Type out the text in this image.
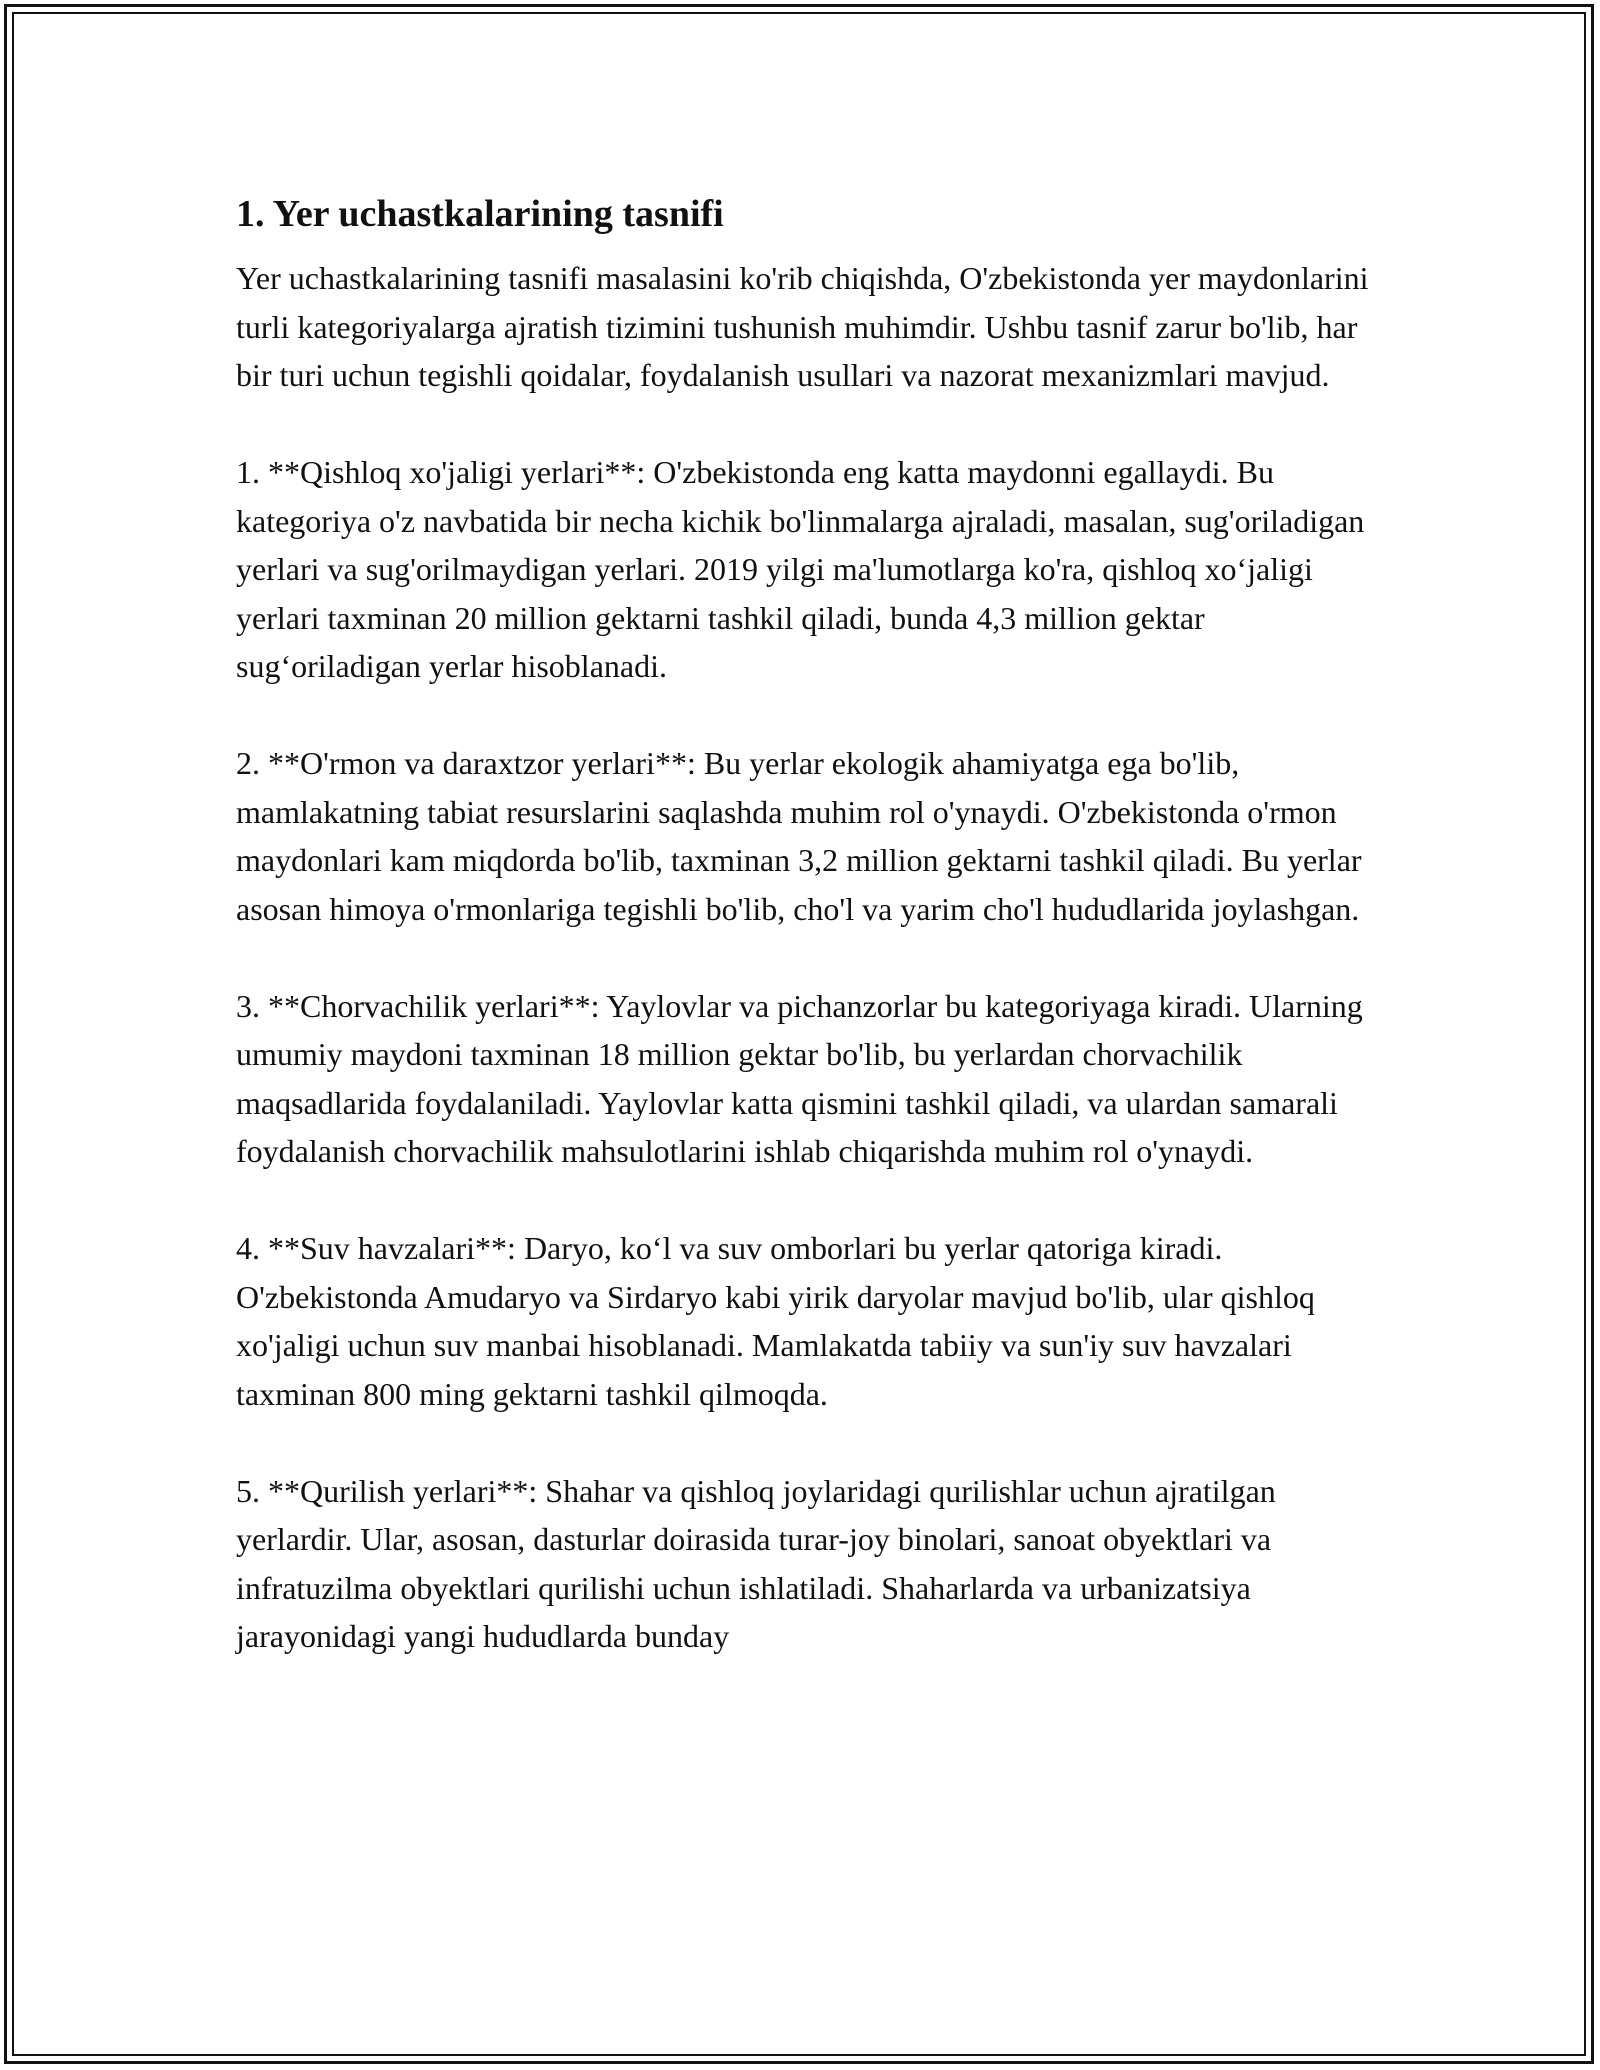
1. Yer uchastkalarining tasnifi

Yer uchastkalarining tasnifi masalasini ko'rib chiqishda, O'zbekistonda yer maydonlarini turli kategoriyalarga ajratish tizimini tushunish muhimdir. Ushbu tasnif zarur bo'lib, har bir turi uchun tegishli qoidalar, foydalanish usullari va nazorat mexanizmlari mavjud.

1. **Qishloq xo'jaligi yerlari**: O'zbekistonda eng katta maydonni egallaydi. Bu kategoriya o'z navbatida bir necha kichik bo'linmalarga ajraladi, masalan, sug'oriladigan yerlari va sug'orilmaydigan yerlari. 2019 yilgi ma'lumotlarga ko'ra, qishloq xo‘jaligi yerlari taxminan 20 million gektarni tashkil qiladi, bunda 4,3 million gektar sug‘oriladigan yerlar hisoblanadi.

2. **O'rmon va daraxtzor yerlari**: Bu yerlar ekologik ahamiyatga ega bo'lib, mamlakatning tabiat resurslarini saqlashda muhim rol o'ynaydi. O'zbekistonda o'rmon maydonlari kam miqdorda bo'lib, taxminan 3,2 million gektarni tashkil qiladi. Bu yerlar asosan himoya o'rmonlariga tegishli bo'lib, cho'l va yarim cho'l hududlarida joylashgan.

3. **Chorvachilik yerlari**: Yaylovlar va pichanzorlar bu kategoriyaga kiradi. Ularning umumiy maydoni taxminan 18 million gektar bo'lib, bu yerlardan chorvachilik maqsadlarida foydalaniladi. Yaylovlar katta qismini tashkil qiladi, va ulardan samarali foydalanish chorvachilik mahsulotlarini ishlab chiqarishda muhim rol o'ynaydi.

4. **Suv havzalari**: Daryo, ko‘l va suv omborlari bu yerlar qatoriga kiradi. O'zbekistonda Amudaryo va Sirdaryo kabi yirik daryolar mavjud bo'lib, ular qishloq xo'jaligi uchun suv manbai hisoblanadi. Mamlakatda tabiiy va sun'iy suv havzalari taxminan 800 ming gektarni tashkil qilmoqda.

5. **Qurilish yerlari**: Shahar va qishloq joylaridagi qurilishlar uchun ajratilgan yerlardir. Ular, asosan, dasturlar doirasida turar-joy binolari, sanoat obyektlari va infratuzilma obyektlari qurilishi uchun ishlatiladi. Shaharlarda va urbanizatsiya jarayonidagi yangi hududlarda bunday
